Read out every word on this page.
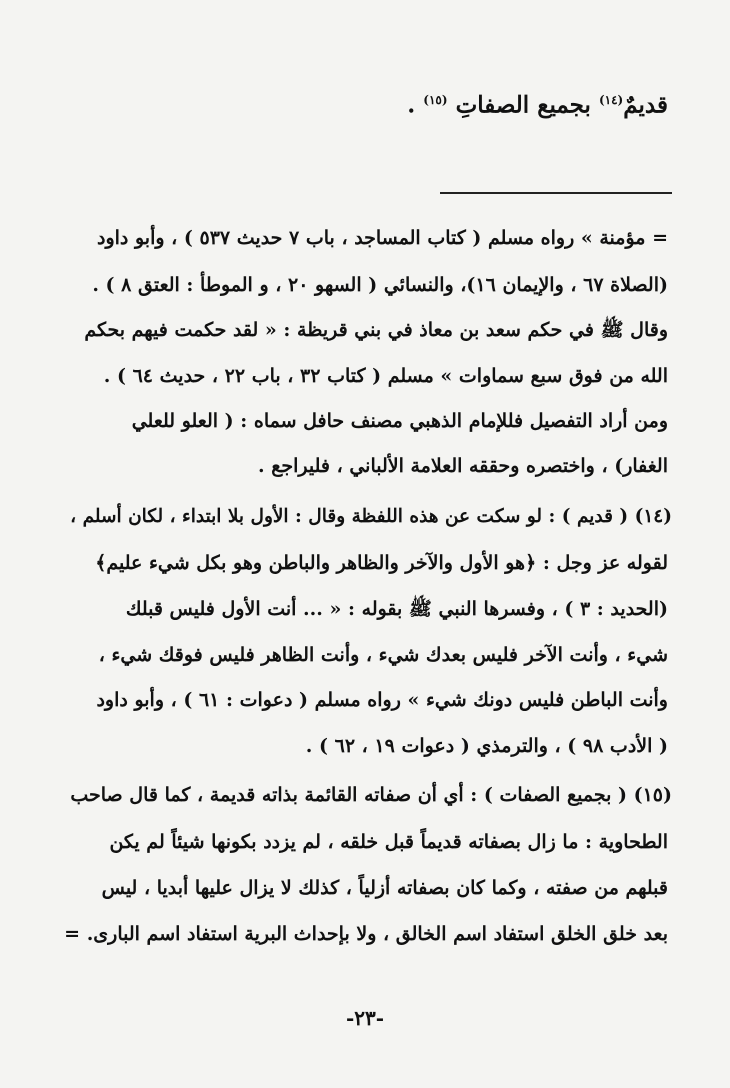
قديمٌ$^{(١٤)}$ بجميع الصفاتِ $^{(١٥)}$ .
= مؤمنة » رواه مسلم ( كتاب المساجد ، باب ٧ حديث ٥٣٧ ) ، وأبو داود
(الصلاة ٦٧ ، والإيمان ١٦)، والنسائي ( السهو ٢٠ ، و الموطأ : العتق ٨ ) .
وقال ﷺ في حكم سعد بن معاذ في بني قريظة : « لقد حكمت فيهم بحكم
الله من فوق سبع سماوات » مسلم ( كتاب ٣٢ ، باب ٢٢ ، حديث ٦٤ ) .
ومن أراد التفصيل فللإمام الذهبي مصنف حافل سماه : ( العلو للعلي
الغفار) ، واختصره وحققه العلامة الألباني ، فليراجع .
(١٤) ( قديم ) : لو سكت عن هذه اللفظة وقال : الأول بلا ابتداء ، لكان أسلم ،
لقوله عز وجل : ﴿هو الأول والآخر والظاهر والباطن وهو بكل شيء عليم﴾
(الحديد : ٣ ) ، وفسرها النبي ﷺ بقوله : « ... أنت الأول فليس قبلك
شيء ، وأنت الآخر فليس بعدك شيء ، وأنت الظاهر فليس فوقك شيء ،
وأنت الباطن فليس دونك شيء » رواه مسلم ( دعوات : ٦١ ) ، وأبو داود
( الأدب ٩٨ ) ، والترمذي ( دعوات ١٩ ، ٦٢ ) .
(١٥) ( بجميع الصفات ) : أي أن صفاته القائمة بذاته قديمة ، كما قال صاحب
الطحاوية : ما زال بصفاته قديماً قبل خلقه ، لم يزدد بكونها شيئاً لم يكن
قبلهم من صفته ، وكما كان بصفاته أزلياً ، كذلك لا يزال عليها أبديا ، ليس
بعد خلق الخلق استفاد اسم الخالق ، ولا بإحداث البرية استفاد اسم البارى. =
-٢٣-
